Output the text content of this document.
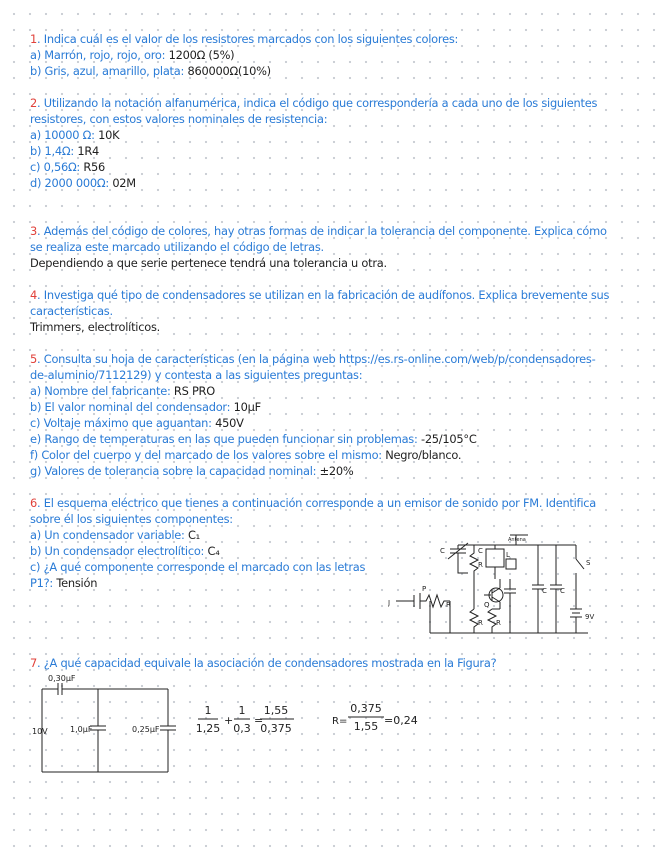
1. Indica cuál es el valor de los resistores marcados con los siguientes colores:
a) Marrón, rojo, rojo, oro: 1200Ω (5%)
b) Gris, azul, amarillo, plata: 860000Ω(10%)
2. Utilizando la notación alfanumérica, indica el código que correspondería a cada uno de los siguientes
resistores, con estos valores nominales de resistencia:
a) 10000 Ω: 10K
b) 1,4Ω: 1R4
c) 0,56Ω: R56
d) 2000 000Ω: 02M
3. Además del código de colores, hay otras formas de indicar la tolerancia del componente. Explica cómo
se realiza este marcado utilizando el código de letras.
Dependiendo a que serie pertenece tendrá una tolerancia u otra.
4. Investiga qué tipo de condensadores se utilizan en la fabricación de audífonos. Explica brevemente sus
características.
Trimmers, electrolíticos.
5. Consulta su hoja de características (en la página web https://es.rs-online.com/web/p/condensadores-
de-aluminio/7112129) y contesta a las siguientes preguntas:
a) Nombre del fabricante: RS PRO
b) El valor nominal del condensador: 10μF
c) Voltaje máximo que aguantan: 450V
e) Rango de temperaturas en las que pueden funcionar sin problemas: -25/105°C
f) Color del cuerpo y del marcado de los valores sobre el mismo: Negro/blanco.
g) Valores de tolerancia sobre la capacidad nominal: ±20%
6. El esquema eléctrico que tienes a continuación corresponde a un emisor de sonido por FM. Identifica
sobre él los siguientes componentes:
a) Un condensador variable: C₁
b) Un condensador electrolítico: C₄
c) ¿A qué componente corresponde el marcado con las letras
P1?: Tensión
C	C	L
R
Antena
C C
S
9V
P
Q
R
R R
J
7. ¿A qué capacidad equivale la asociación de condensadores mostrada en la Figura?
0,30μF
10V	1,0μF	0,25μF
1
1,25
+
1
0,3
=
1,55
0,375
R=
0,375
1,55 =0,24
